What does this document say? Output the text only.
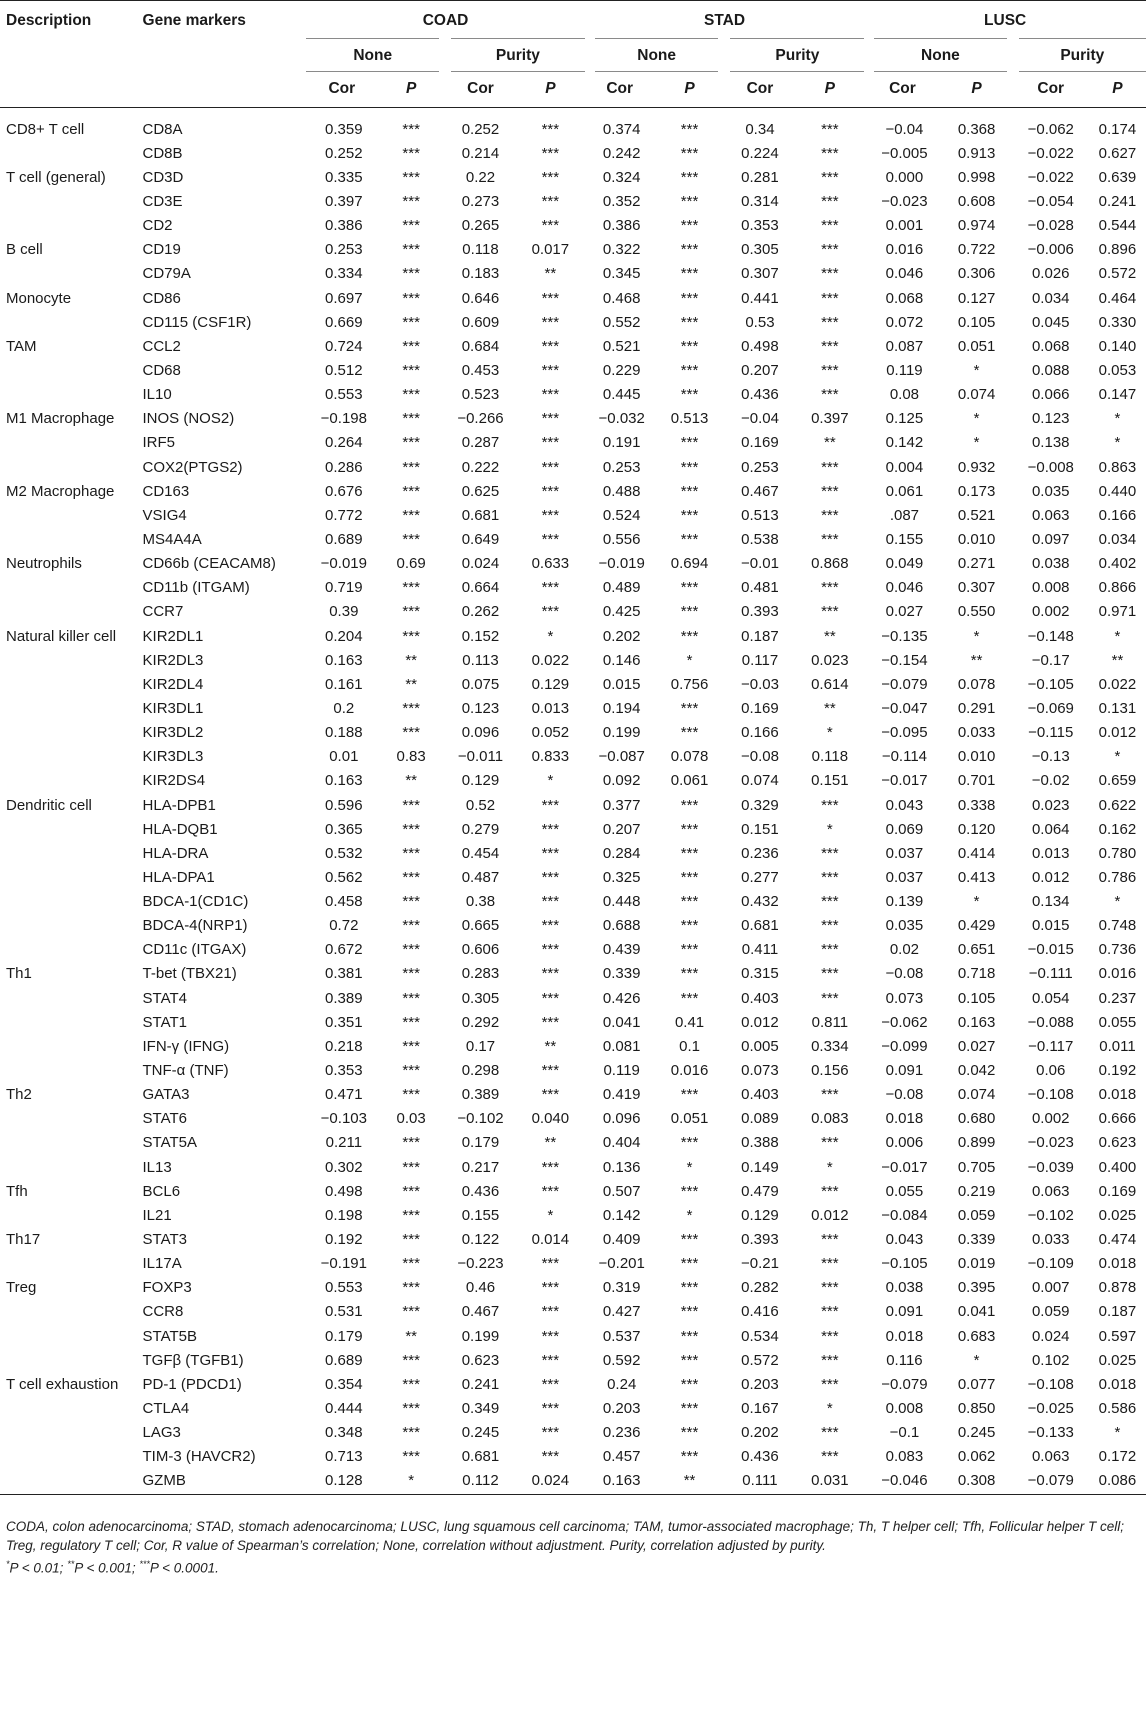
Description	Gene markers	COAD				STAD				LUSC			

		None		Purity		None		Purity		None		Purity	

		Cor	P	Cor	P	Cor	P	Cor	P	Cor	P	Cor	P
CD8+ T cell	CD8A	0.359	***	0.252	***	0.374	***	0.34	***	−0.04	0.368	−0.062	0.174
	CD8B	0.252	***	0.214	***	0.242	***	0.224	***	−0.005	0.913	−0.022	0.627
T cell (general)	CD3D	0.335	***	0.22	***	0.324	***	0.281	***	0.000	0.998	−0.022	0.639
	CD3E	0.397	***	0.273	***	0.352	***	0.314	***	−0.023	0.608	−0.054	0.241
	CD2	0.386	***	0.265	***	0.386	***	0.353	***	0.001	0.974	−0.028	0.544
B cell	CD19	0.253	***	0.118	0.017	0.322	***	0.305	***	0.016	0.722	−0.006	0.896
	CD79A	0.334	***	0.183	**	0.345	***	0.307	***	0.046	0.306	0.026	0.572
Monocyte	CD86	0.697	***	0.646	***	0.468	***	0.441	***	0.068	0.127	0.034	0.464
	CD115 (CSF1R)	0.669	***	0.609	***	0.552	***	0.53	***	0.072	0.105	0.045	0.330
TAM	CCL2	0.724	***	0.684	***	0.521	***	0.498	***	0.087	0.051	0.068	0.140
	CD68	0.512	***	0.453	***	0.229	***	0.207	***	0.119	*	0.088	0.053
	IL10	0.553	***	0.523	***	0.445	***	0.436	***	0.08	0.074	0.066	0.147
M1 Macrophage	INOS (NOS2)	−0.198	***	−0.266	***	−0.032	0.513	−0.04	0.397	0.125	*	0.123	*
	IRF5	0.264	***	0.287	***	0.191	***	0.169	**	0.142	*	0.138	*
	COX2(PTGS2)	0.286	***	0.222	***	0.253	***	0.253	***	0.004	0.932	−0.008	0.863
M2 Macrophage	CD163	0.676	***	0.625	***	0.488	***	0.467	***	0.061	0.173	0.035	0.440
	VSIG4	0.772	***	0.681	***	0.524	***	0.513	***	.087	0.521	0.063	0.166
	MS4A4A	0.689	***	0.649	***	0.556	***	0.538	***	0.155	0.010	0.097	0.034
Neutrophils	CD66b (CEACAM8)	−0.019	0.69	0.024	0.633	−0.019	0.694	−0.01	0.868	0.049	0.271	0.038	0.402
	CD11b (ITGAM)	0.719	***	0.664	***	0.489	***	0.481	***	0.046	0.307	0.008	0.866
	CCR7	0.39	***	0.262	***	0.425	***	0.393	***	0.027	0.550	0.002	0.971
Natural killer cell	KIR2DL1	0.204	***	0.152	*	0.202	***	0.187	**	−0.135	*	−0.148	*
	KIR2DL3	0.163	**	0.113	0.022	0.146	*	0.117	0.023	−0.154	**	−0.17	**
	KIR2DL4	0.161	**	0.075	0.129	0.015	0.756	−0.03	0.614	−0.079	0.078	−0.105	0.022
	KIR3DL1	0.2	***	0.123	0.013	0.194	***	0.169	**	−0.047	0.291	−0.069	0.131
	KIR3DL2	0.188	***	0.096	0.052	0.199	***	0.166	*	−0.095	0.033	−0.115	0.012
	KIR3DL3	0.01	0.83	−0.011	0.833	−0.087	0.078	−0.08	0.118	−0.114	0.010	−0.13	*
	KIR2DS4	0.163	**	0.129	*	0.092	0.061	0.074	0.151	−0.017	0.701	−0.02	0.659
Dendritic cell	HLA-DPB1	0.596	***	0.52	***	0.377	***	0.329	***	0.043	0.338	0.023	0.622
	HLA-DQB1	0.365	***	0.279	***	0.207	***	0.151	*	0.069	0.120	0.064	0.162
	HLA-DRA	0.532	***	0.454	***	0.284	***	0.236	***	0.037	0.414	0.013	0.780
	HLA-DPA1	0.562	***	0.487	***	0.325	***	0.277	***	0.037	0.413	0.012	0.786
	BDCA-1(CD1C)	0.458	***	0.38	***	0.448	***	0.432	***	0.139	*	0.134	*
	BDCA-4(NRP1)	0.72	***	0.665	***	0.688	***	0.681	***	0.035	0.429	0.015	0.748
	CD11c (ITGAX)	0.672	***	0.606	***	0.439	***	0.411	***	0.02	0.651	−0.015	0.736
Th1	T-bet (TBX21)	0.381	***	0.283	***	0.339	***	0.315	***	−0.08	0.718	−0.111	0.016
	STAT4	0.389	***	0.305	***	0.426	***	0.403	***	0.073	0.105	0.054	0.237
	STAT1	0.351	***	0.292	***	0.041	0.41	0.012	0.811	−0.062	0.163	−0.088	0.055
	IFN-γ (IFNG)	0.218	***	0.17	**	0.081	0.1	0.005	0.334	−0.099	0.027	−0.117	0.011
	TNF-α (TNF)	0.353	***	0.298	***	0.119	0.016	0.073	0.156	0.091	0.042	0.06	0.192
Th2	GATA3	0.471	***	0.389	***	0.419	***	0.403	***	−0.08	0.074	−0.108	0.018
	STAT6	−0.103	0.03	−0.102	0.040	0.096	0.051	0.089	0.083	0.018	0.680	0.002	0.666
	STAT5A	0.211	***	0.179	**	0.404	***	0.388	***	0.006	0.899	−0.023	0.623
	IL13	0.302	***	0.217	***	0.136	*	0.149	*	−0.017	0.705	−0.039	0.400
Tfh	BCL6	0.498	***	0.436	***	0.507	***	0.479	***	0.055	0.219	0.063	0.169
	IL21	0.198	***	0.155	*	0.142	*	0.129	0.012	−0.084	0.059	−0.102	0.025
Th17	STAT3	0.192	***	0.122	0.014	0.409	***	0.393	***	0.043	0.339	0.033	0.474
	IL17A	−0.191	***	−0.223	***	−0.201	***	−0.21	***	−0.105	0.019	−0.109	0.018
Treg	FOXP3	0.553	***	0.46	***	0.319	***	0.282	***	0.038	0.395	0.007	0.878
	CCR8	0.531	***	0.467	***	0.427	***	0.416	***	0.091	0.041	0.059	0.187
	STAT5B	0.179	**	0.199	***	0.537	***	0.534	***	0.018	0.683	0.024	0.597
	TGFβ (TGFB1)	0.689	***	0.623	***	0.592	***	0.572	***	0.116	*	0.102	0.025
T cell exhaustion	PD-1 (PDCD1)	0.354	***	0.241	***	0.24	***	0.203	***	−0.079	0.077	−0.108	0.018
	CTLA4	0.444	***	0.349	***	0.203	***	0.167	*	0.008	0.850	−0.025	0.586
	LAG3	0.348	***	0.245	***	0.236	***	0.202	***	−0.1	0.245	−0.133	*
	TIM-3 (HAVCR2)	0.713	***	0.681	***	0.457	***	0.436	***	0.083	0.062	0.063	0.172
	GZMB	0.128	*	0.112	0.024	0.163	**	0.111	0.031	−0.046	0.308	−0.079	0.086

CODA, colon adenocarcinoma; STAD, stomach adenocarcinoma; LUSC, lung squamous cell carcinoma; TAM, tumor-associated macrophage; Th, T helper cell; Tfh, Follicular helper T cell; Treg, regulatory T cell; Cor, R value of Spearman’s correlation; None, correlation without adjustment. Purity, correlation adjusted by purity.

*P < 0.01; **P < 0.001; ***P < 0.0001.
